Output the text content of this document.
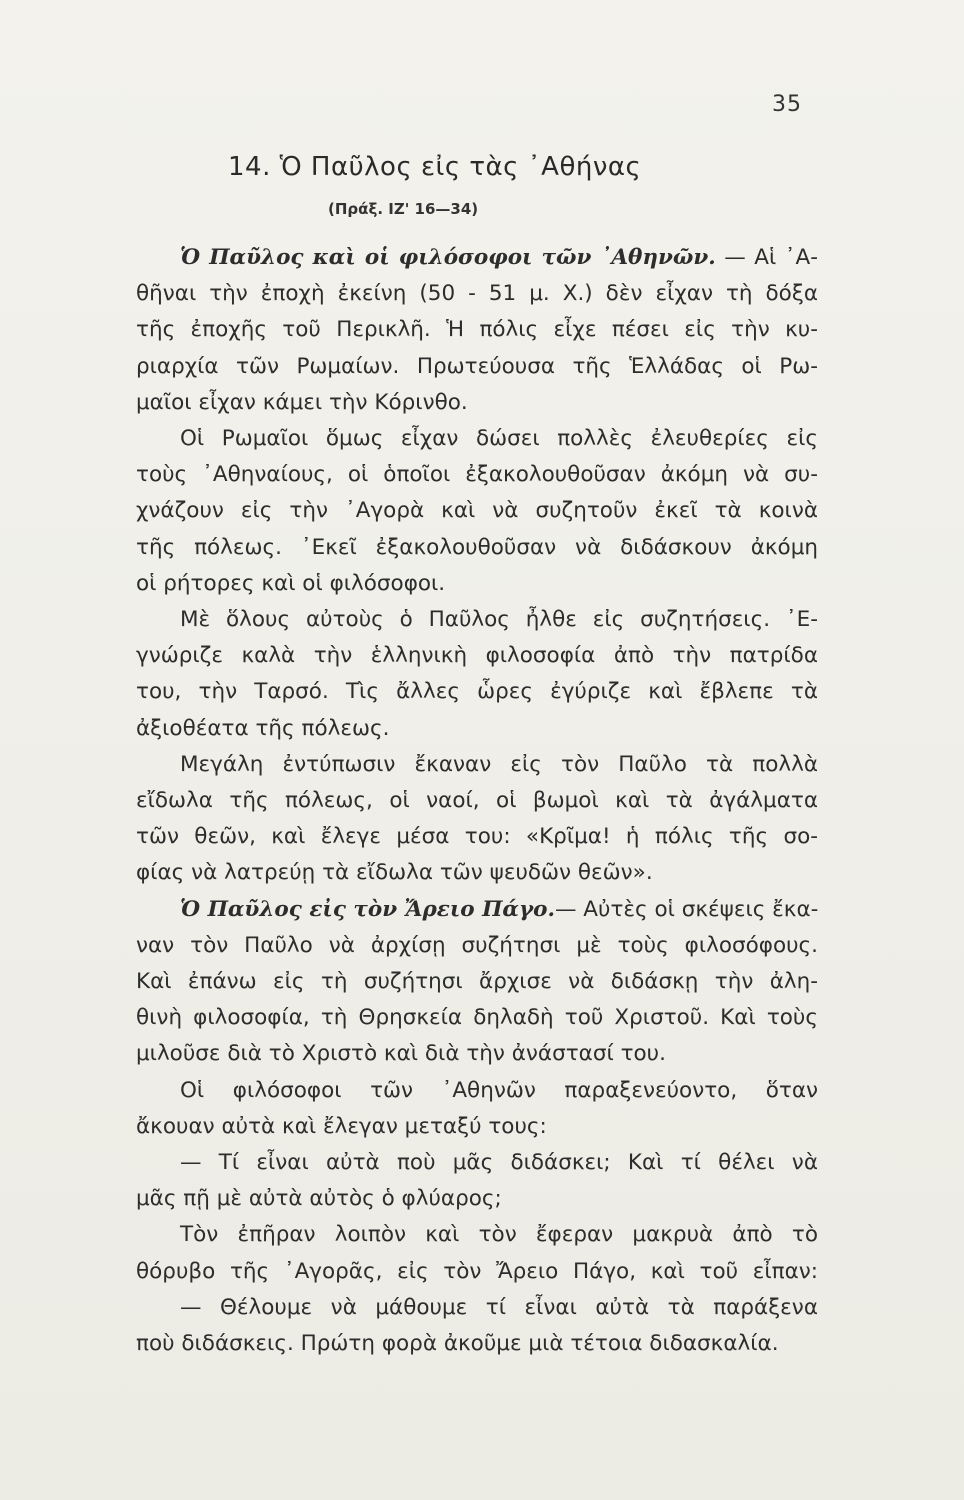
35
14. Ὁ Παῦλος εἰς τὰς ᾿Αθήνας
(Πράξ. ΙΖ' 16—34)
Ὁ Παῦλος καὶ οἱ φιλόσοφοι τῶν ᾿Αθηνῶν. — Αἱ ᾿Α-
θῆναι τὴν ἐποχὴ ἐκείνη (50 - 51 μ. Χ.) δὲν εἶχαν τὴ δόξα
τῆς ἐποχῆς τοῦ Περικλῆ. Ἡ πόλις εἶχε πέσει εἰς τὴν κυ-
ριαρχία τῶν Ρωμαίων. Πρωτεύουσα τῆς Ἑλλάδας οἱ Ρω-
μαῖοι εἶχαν κάμει τὴν Κόρινθο.
Οἱ Ρωμαῖοι ὅμως εἶχαν δώσει πολλὲς ἐλευθερίες εἰς
τοὺς ᾿Αθηναίους, οἱ ὁποῖοι ἐξακολουθοῦσαν ἀκόμη νὰ συ-
χνάζουν εἰς τὴν ᾿Αγορὰ καὶ νὰ συζητοῦν ἐκεῖ τὰ κοινὰ
τῆς πόλεως. ᾿Εκεῖ ἐξακολουθοῦσαν νὰ διδάσκουν ἀκόμη
οἱ ρήτορες καὶ οἱ φιλόσοφοι.
Μὲ ὅλους αὐτοὺς ὁ Παῦλος ἦλθε εἰς συζητήσεις. ᾿Ε-
γνώριζε καλὰ τὴν ἑλληνικὴ φιλοσοφία ἀπὸ τὴν πατρίδα
του, τὴν Ταρσό. Τὶς ἄλλες ὧρες ἐγύριζε καὶ ἔβλεπε τὰ
ἀξιοθέατα τῆς πόλεως.
Μεγάλη ἐντύπωσιν ἔκαναν εἰς τὸν Παῦλο τὰ πολλὰ
εἴδωλα τῆς πόλεως, οἱ ναοί, οἱ βωμοὶ καὶ τὰ ἀγάλματα
τῶν θεῶν, καὶ ἔλεγε μέσα του: «Κρῖμα! ἡ πόλις τῆς σο-
φίας νὰ λατρεύῃ τὰ εἴδωλα τῶν ψευδῶν θεῶν».
Ὁ Παῦλος εἰς τὸν Ἄρειο Πάγο.— Αὐτὲς οἱ σκέψεις ἔκα-
ναν τὸν Παῦλο νὰ ἀρχίσῃ συζήτησι μὲ τοὺς φιλοσόφους.
Καὶ ἐπάνω εἰς τὴ συζήτησι ἄρχισε νὰ διδάσκῃ τὴν ἀλη-
θινὴ φιλοσοφία, τὴ Θρησκεία δηλαδὴ τοῦ Χριστοῦ. Καὶ τοὺς
μιλοῦσε διὰ τὸ Χριστὸ καὶ διὰ τὴν ἀνάστασί του.
Οἱ φιλόσοφοι τῶν ᾿Αθηνῶν παραξενεύοντο, ὅταν
ἄκουαν αὐτὰ καὶ ἔλεγαν μεταξύ τους:
— Τί εἶναι αὐτὰ ποὺ μᾶς διδάσκει; Καὶ τί θέλει νὰ
μᾶς πῇ μὲ αὐτὰ αὐτὸς ὁ φλύαρος;
Τὸν ἐπῆραν λοιπὸν καὶ τὸν ἔφεραν μακρυὰ ἀπὸ τὸ
θόρυβο τῆς ᾿Αγορᾶς, εἰς τὸν Ἄρειο Πάγο, καὶ τοῦ εἶπαν:
— Θέλουμε νὰ μάθουμε τί εἶναι αὐτὰ τὰ παράξενα
ποὺ διδάσκεις. Πρώτη φορὰ ἀκοῦμε μιὰ τέτοια διδασκαλία.
